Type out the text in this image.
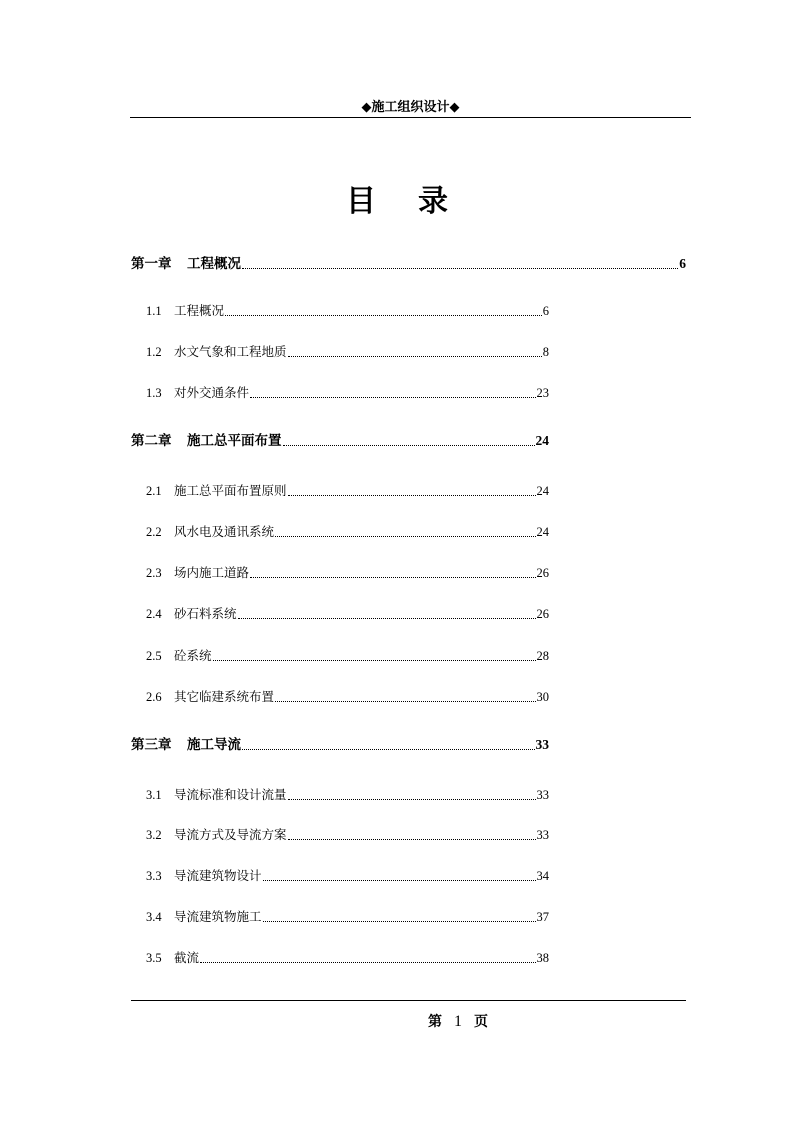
◆施工组织设计◆
目 录
第一章	工程概况	6
1.1 工程概况	6
1.2 水文气象和工程地质	8
1.3 对外交通条件	23
第二章	施工总平面布置	24
2.1 施工总平面布置原则	24
2.2 风水电及通讯系统	24
2.3 场内施工道路	26
2.4 砂石料系统	26
2.5 砼系统	28
2.6 其它临建系统布置	30
第三章	施工导流	33
3.1 导流标准和设计流量	33
3.2 导流方式及导流方案	33
3.3 导流建筑物设计	34
3.4 导流建筑物施工	37
3.5 截流	38
第 1 页
